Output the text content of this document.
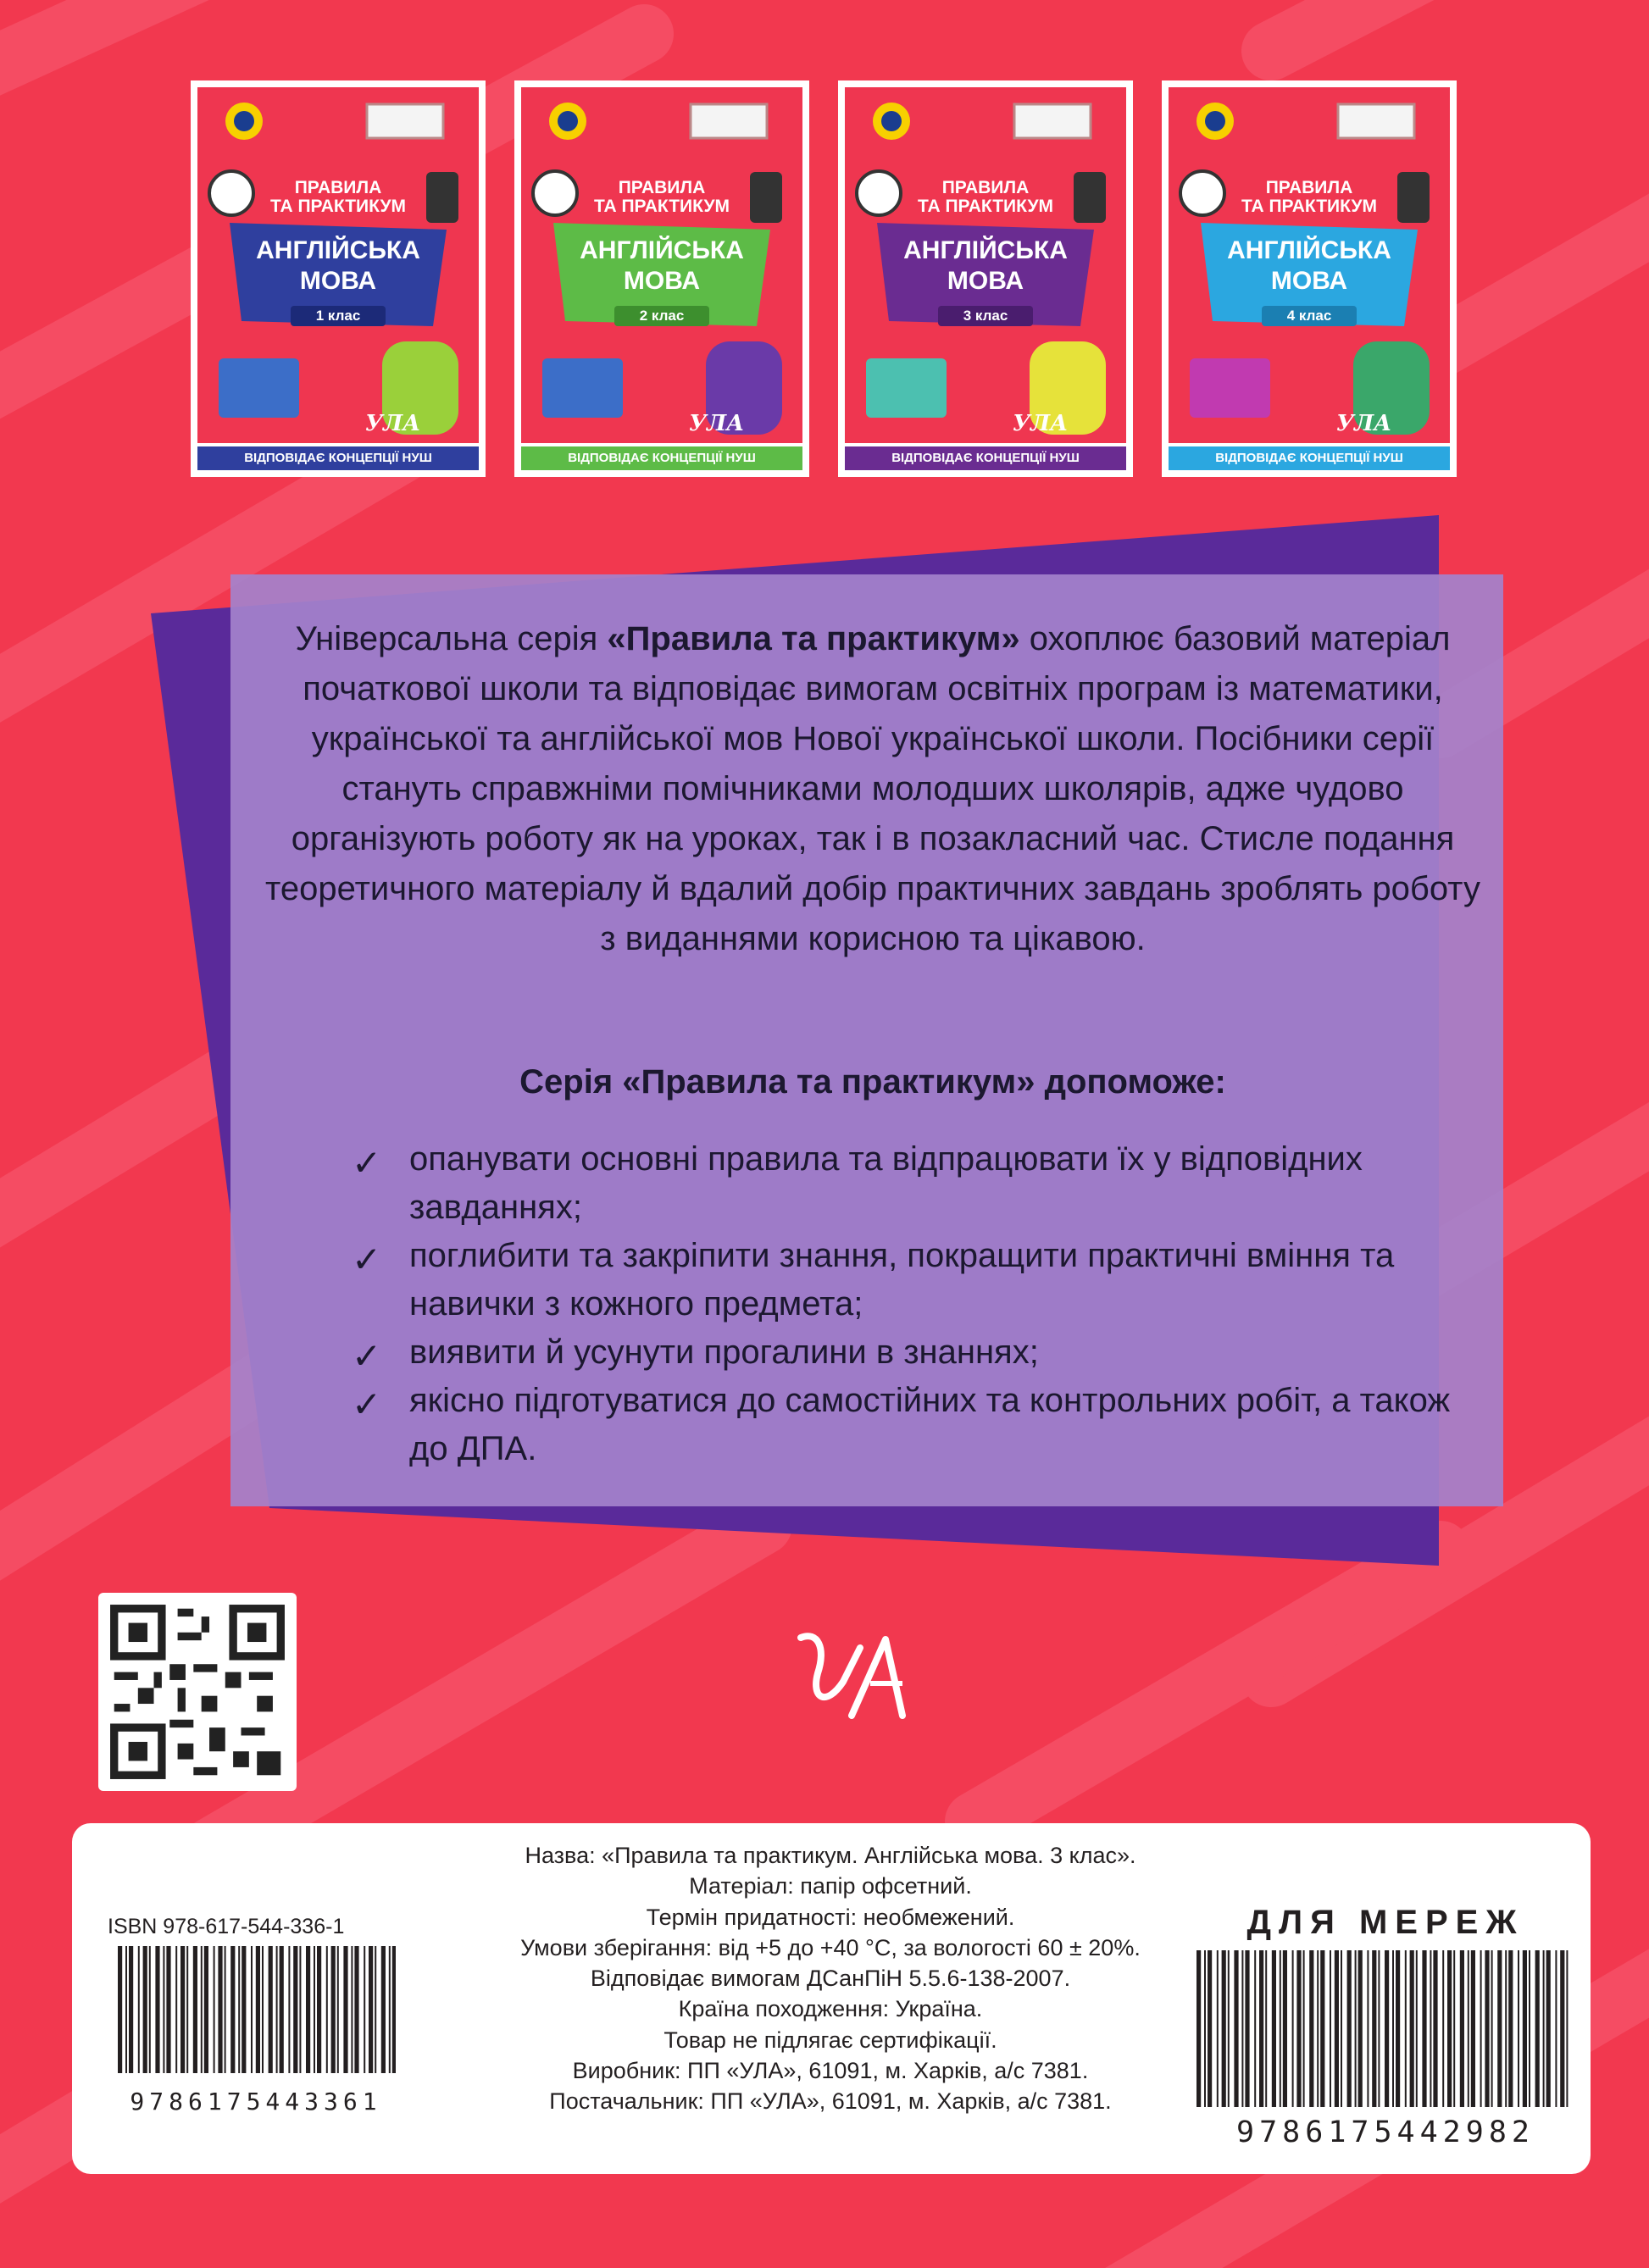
ПРАВИЛА
ТА ПРАКТИКУМ
АНГЛІЙСЬКА
МОВА
1 клас
УЛА
ВІДПОВІДАЄ КОНЦЕПЦІЇ НУШ
ПРАВИЛА
ТА ПРАКТИКУМ
АНГЛІЙСЬКА
МОВА
2 клас
УЛА
ВІДПОВІДАЄ КОНЦЕПЦІЇ НУШ
ПРАВИЛА
ТА ПРАКТИКУМ
АНГЛІЙСЬКА
МОВА
3 клас
УЛА
ВІДПОВІДАЄ КОНЦЕПЦІЇ НУШ
ПРАВИЛА
ТА ПРАКТИКУМ
АНГЛІЙСЬКА
МОВА
4 клас
УЛА
ВІДПОВІДАЄ КОНЦЕПЦІЇ НУШ
Універсальна серія «Правила та практикум» охоплює базовий матеріал початкової школи та відповідає вимогам освітніх програм із математики, української та англійської мов Нової української школи. Посібники серії стануть справжніми помічниками молодших школярів, адже чудово організують роботу як на уроках, так і в позакласний час. Стисле подання теоретичного матеріалу й вдалий добір практичних завдань зроблять роботу з виданнями корисною та цікавою.
Серія «Правила та практикум» допоможе:
✓ опанувати основні правила та відпрацювати їх у відповідних завданнях;
✓ поглибити та закріпити знання, покращити практичні вміння та навички з кожного предмета;
✓ виявити й усунути прогалини в знаннях;
✓ якісно підготуватися до самостійних та контрольних робіт, а також до ДПА.
Назва: «Правила та практикум. Англійська мова. 3 клас».
Матеріал: папір офсетний.
Термін придатності: необмежений.
Умови зберігання: від +5 до +40 °C, за вологості 60 ± 20%.
Відповідає вимогам ДСанПіН 5.5.6-138-2007.
Країна походження: Україна.
Товар не підлягає сертифікації.
Виробник: ПП «УЛА», 61091, м. Харків, а/с 7381.
Постачальник: ПП «УЛА», 61091, м. Харків, а/с 7381.
ISBN 978-617-544-336-1
9786175443361
ДЛЯ МЕРЕЖ
9786175442982
